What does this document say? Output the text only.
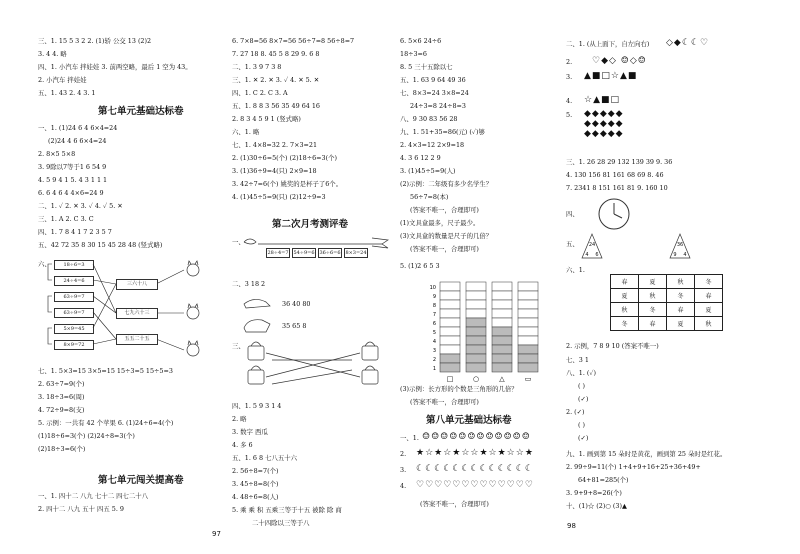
三、1. 15 5 3 2 2. (1)轿 公交 13 (2)2
3. 4 4. 略
四、1. 小汽车 拌娃娃 3. 前两空略，最后 1 空为 43。
2. 小汽车 拌娃娃
五、1. 43 2. 4 3. 1
第七单元基础达标卷
一、1. (1)24 6 4 6×4=24
(2)24 4 6 6×4=24
2. 8×5 5×8
3. 9除以7等于1 6 54 9
4. 5 9 4 1 5. 4 3 1 1 1
6. 6 4 6 4 4×6=24 9
二、1. ✓ 2. ✕ 3. ✓ 4. ✓ 5. ✕
三、1. A 2. C 3. C
四、1. 7 8 4 1 7 2 3 5 7
五、42 72 35 8 30 15 45 28 48 (竖式略)
六、	18÷6=3
24÷4=6
63÷9=7
63÷9=7
5×9=45
8×9=72
三六十八
七九六十三
五五二十五
七、1. 5×3=15 3×5=15 15÷3=5 15÷5=3
2. 63÷7=9(个)
3. 18÷3=6(周)
4. 72÷9=8(支)
5. 示例：一共有 42 个苹果 6. (1)24÷6=4(个)
(1)18÷6=3(个) (2)24÷8=3(个)
(2)18÷3=6(个)
第七单元闯关提高卷
一、1. 四十二 八九 七十二 四七二十八
2. 四十二 八九 五十 四五 5. 9
6. 7×8=56 8×7=56 56÷7=8 56÷8=7
7. 27 18 8. 45 5 8 29 9. 6 8
二、1. 3 9 7 3 8
三、1. ✕ 2. ✕ 3. ✓ 4. ✕ 5. ✕
四、1. C 2. C 3. A
五、1. 8 8 3 56 35 49 64 16
2. 8 3 4 5 9 1 (竖式略)
六、1. 略
七、1. 4×8=32 2. 7×3=21
2. (1)30÷6=5(个) (2)18÷6=3(个)
3. (1)36÷9=4(只) 2×9=18
3. 42÷7=6(个) 姚奖的是杯子了6个。
4. (1)45÷5=9(只) (2)12÷9=3
第二次月考测评卷
一、
28÷4=7 54÷9=6 36÷6=6 8×3=24
二、3 18 2
36 40 80
35 65 8
三、
四、1. 5 9 3 1 4
2. 略
3. 数字 西瓜
4. 多 6
五、1. 6 8 七八五十六
2. 56÷8=7(个)
3. 45÷8=8(个)
4. 48÷6=8(人)
5. 乘 乘 积 五乘三等于十五 被除 除 商
二十四除以三等于八
97
6. 5×6 24÷6
18÷3=6
8. 5 三十五除以七
五、1. 63 9 64 49 36
七、8×3=24 3×8=24
24÷3=8 24÷8=3
八、9 30 83 56 28
九、1. 51+35=86(元) (✓)够
2. 4×3=12 2×9=18
4. 3 6 12 2 9
3. (1)45÷5=9(人)
(2)示例：二年级有多少名学生？
56÷7=8(本)
(答案不唯一，合理即可)
(1)文具盒最多，尺子最少。
(3)文具盒的数量是尺子的几倍？
(答案不唯一，合理即可)
5. (1)2 6 5 3
10
9
8
7
6
5
4
3
2
1
□	○	△	▭
(3)示例：长方形的个数是三角形的几倍？
(答案不唯一，合理即可)
第八单元基础达标卷
一、1. ☺☺☺☺☺☺☺☺☺☺☺☺
2. ★☆★☆★☆☆★☆★☆☆★
3. ☾☾☾☾☾☾☾☾☾☾☾☾☾
4. ♡♡♡♡♡♡♡♡♡♡♡♡♡
(答案不唯一，合理即可)
二、1. (从上面下，自左向右) ◇◆☾☾♡
2. ♡◆◇ ☺◇☺
3. ▲■□☆▲■
4. ☆▲■□
5. ◆◆◆◆◆
◆◆◆◆◆
◆◆◆◆◆
三、1. 26 28 29 132 139 39 9. 36
4. 130 156 81 161 68 69 8. 46
7. 2341 8 151 161 81 9. 160 10
四、
五、 24
4 6
36
9 4
六、1.
春	夏	秋	冬
夏	秋	冬	春
秋	冬	春	夏
冬	春	夏	秋
2. 示例，7 8 9 10 (答案不唯一)
七、3 1
八、1. (✓)
( )
(✓)
2. (✓)
( )
(✓)
九、1. 画到第 15 朵时是黄花，画到第 25 朵时是红花。
2. 99÷9=11(个) 1+4+9+16+25+36+49+
64+81=285(个)
3. 9+9+8=26(个)
十、(1)☆ (2)○ (3)▲
98
